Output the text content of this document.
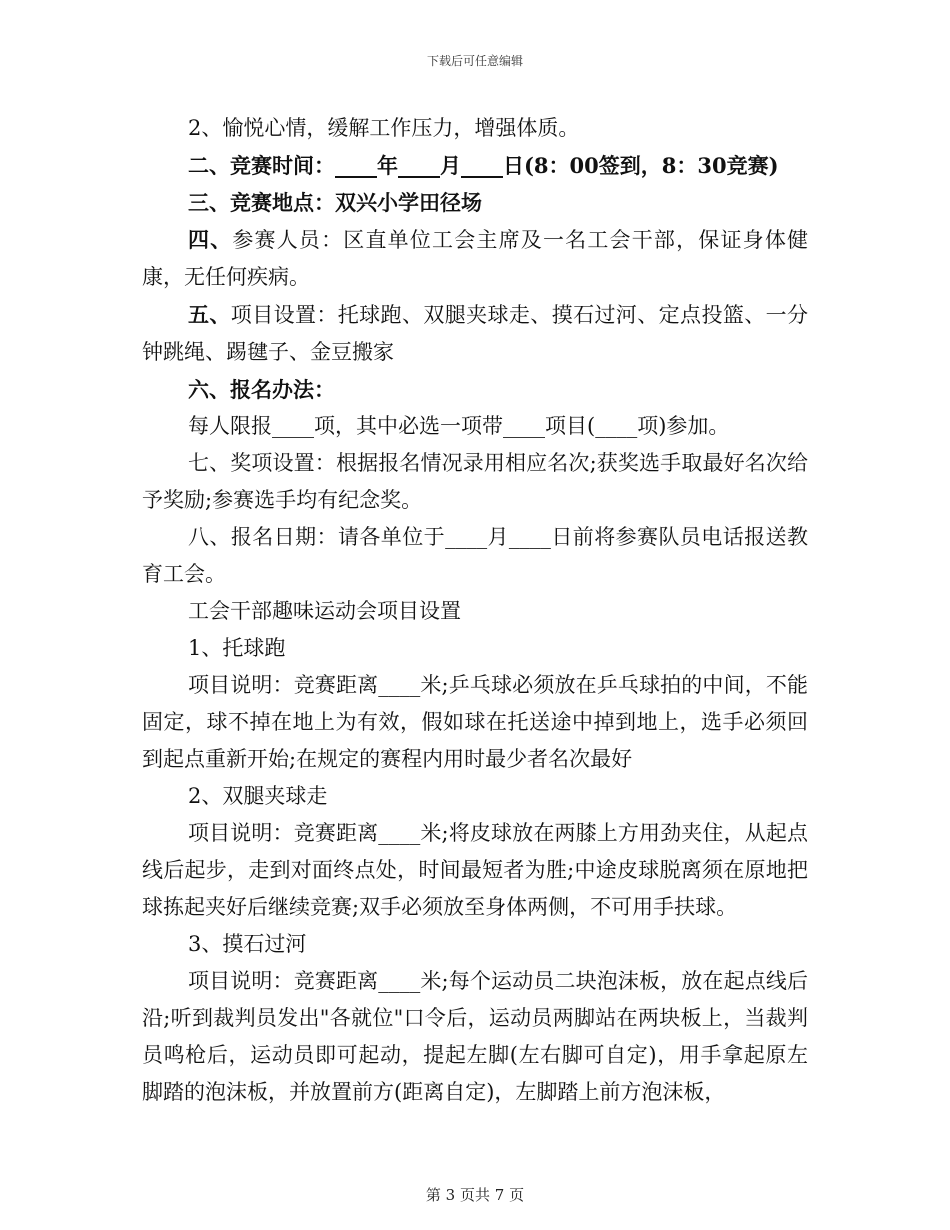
下载后可任意编辑

2、愉悦心情，缓解工作压力，增强体质。

二、竞赛时间：____年____月____日(8：00签到，8：30竞赛)

三、竞赛地点：双兴小学田径场

四、参赛人员：区直单位工会主席及一名工会干部，保证身体健康，无任何疾病。

五、项目设置：托球跑、双腿夹球走、摸石过河、定点投篮、一分钟跳绳、踢毽子、金豆搬家

六、报名办法：

每人限报____项，其中必选一项带____项目(____项)参加。

七、奖项设置：根据报名情况录用相应名次;获奖选手取最好名次给予奖励;参赛选手均有纪念奖。

八、报名日期：请各单位于____月____日前将参赛队员电话报送教育工会。

工会干部趣味运动会项目设置

1、托球跑

项目说明：竞赛距离____米;乒乓球必须放在乒乓球拍的中间，不能固定，球不掉在地上为有效，假如球在托送途中掉到地上，选手必须回到起点重新开始;在规定的赛程内用时最少者名次最好

2、双腿夹球走

项目说明：竞赛距离____米;将皮球放在两膝上方用劲夹住，从起点线后起步，走到对面终点处，时间最短者为胜;中途皮球脱离须在原地把球拣起夹好后继续竞赛;双手必须放至身体两侧，不可用手扶球。

3、摸石过河

项目说明：竞赛距离____米;每个运动员二块泡沫板，放在起点线后沿;听到裁判员发出"各就位"口令后，运动员两脚站在两块板上，当裁判员鸣枪后，运动员即可起动，提起左脚(左右脚可自定)，用手拿起原左脚踏的泡沫板，并放置前方(距离自定)，左脚踏上前方泡沫板，

第 3 页共 7 页
